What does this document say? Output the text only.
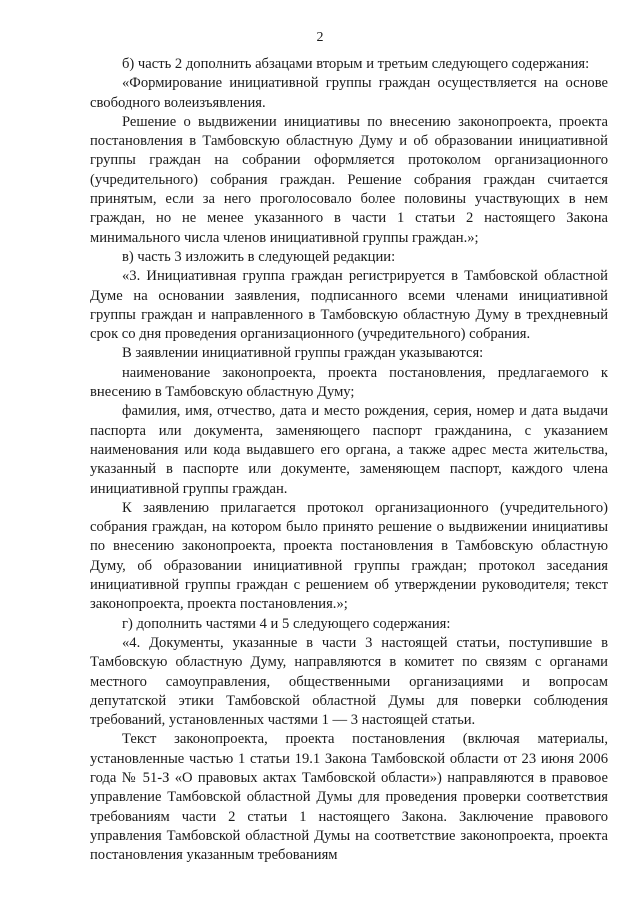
2

б) часть 2 дополнить абзацами вторым и третьим следующего содержания:

«Формирование инициативной группы граждан осуществляется на основе свободного волеизъявления.

Решение о выдвижении инициативы по внесению законопроекта, проекта постановления в Тамбовскую областную Думу и об образовании инициативной группы граждан на собрании оформляется протоколом организационного (учредительного) собрания граждан. Решение собрания граждан считается принятым, если за него проголосовало более половины участвующих в нем граждан, но не менее указанного в части 1 статьи 2 настоящего Закона минимального числа членов инициативной группы граждан.»;

в) часть 3 изложить в следующей редакции:

«3. Инициативная группа граждан регистрируется в Тамбовской областной Думе на основании заявления, подписанного всеми членами инициативной группы граждан и направленного в Тамбовскую областную Думу в трехдневный срок со дня проведения организационного (учредительного) собрания.

В заявлении инициативной группы граждан указываются:

наименование законопроекта, проекта постановления, предлагаемого к внесению в Тамбовскую областную Думу;

фамилия, имя, отчество, дата и место рождения, серия, номер и дата выдачи паспорта или документа, заменяющего паспорт гражданина, с указанием наименования или кода выдавшего его органа, а также адрес места жительства, указанный в паспорте или документе, заменяющем паспорт, каждого члена инициативной группы граждан.

К заявлению прилагается протокол организационного (учредительного) собрания граждан, на котором было принято решение о выдвижении инициативы по внесению законопроекта, проекта постановления в Тамбовскую областную Думу, об образовании инициативной группы граждан; протокол заседания инициативной группы граждан с решением об утверждении руководителя; текст законопроекта, проекта постановления.»;

г) дополнить частями 4 и 5 следующего содержания:

«4. Документы, указанные в части 3 настоящей статьи, поступившие в Тамбовскую областную Думу, направляются в комитет по связям с органами местного самоуправления, общественными организациями и вопросам депутатской этики Тамбовской областной Думы для поверки соблюдения требований, установленных частями 1 — 3 настоящей статьи.

Текст законопроекта, проекта постановления (включая материалы, установленные частью 1 статьи 19.1 Закона Тамбовской области от 23 июня 2006 года № 51-З «О правовых актах Тамбовской области») направляются в правовое управление Тамбовской областной Думы для проведения проверки соответствия требованиям части 2 статьи 1 настоящего Закона. Заключение правового управления Тамбовской областной Думы на соответствие законопроекта, проекта постановления указанным требованиям
